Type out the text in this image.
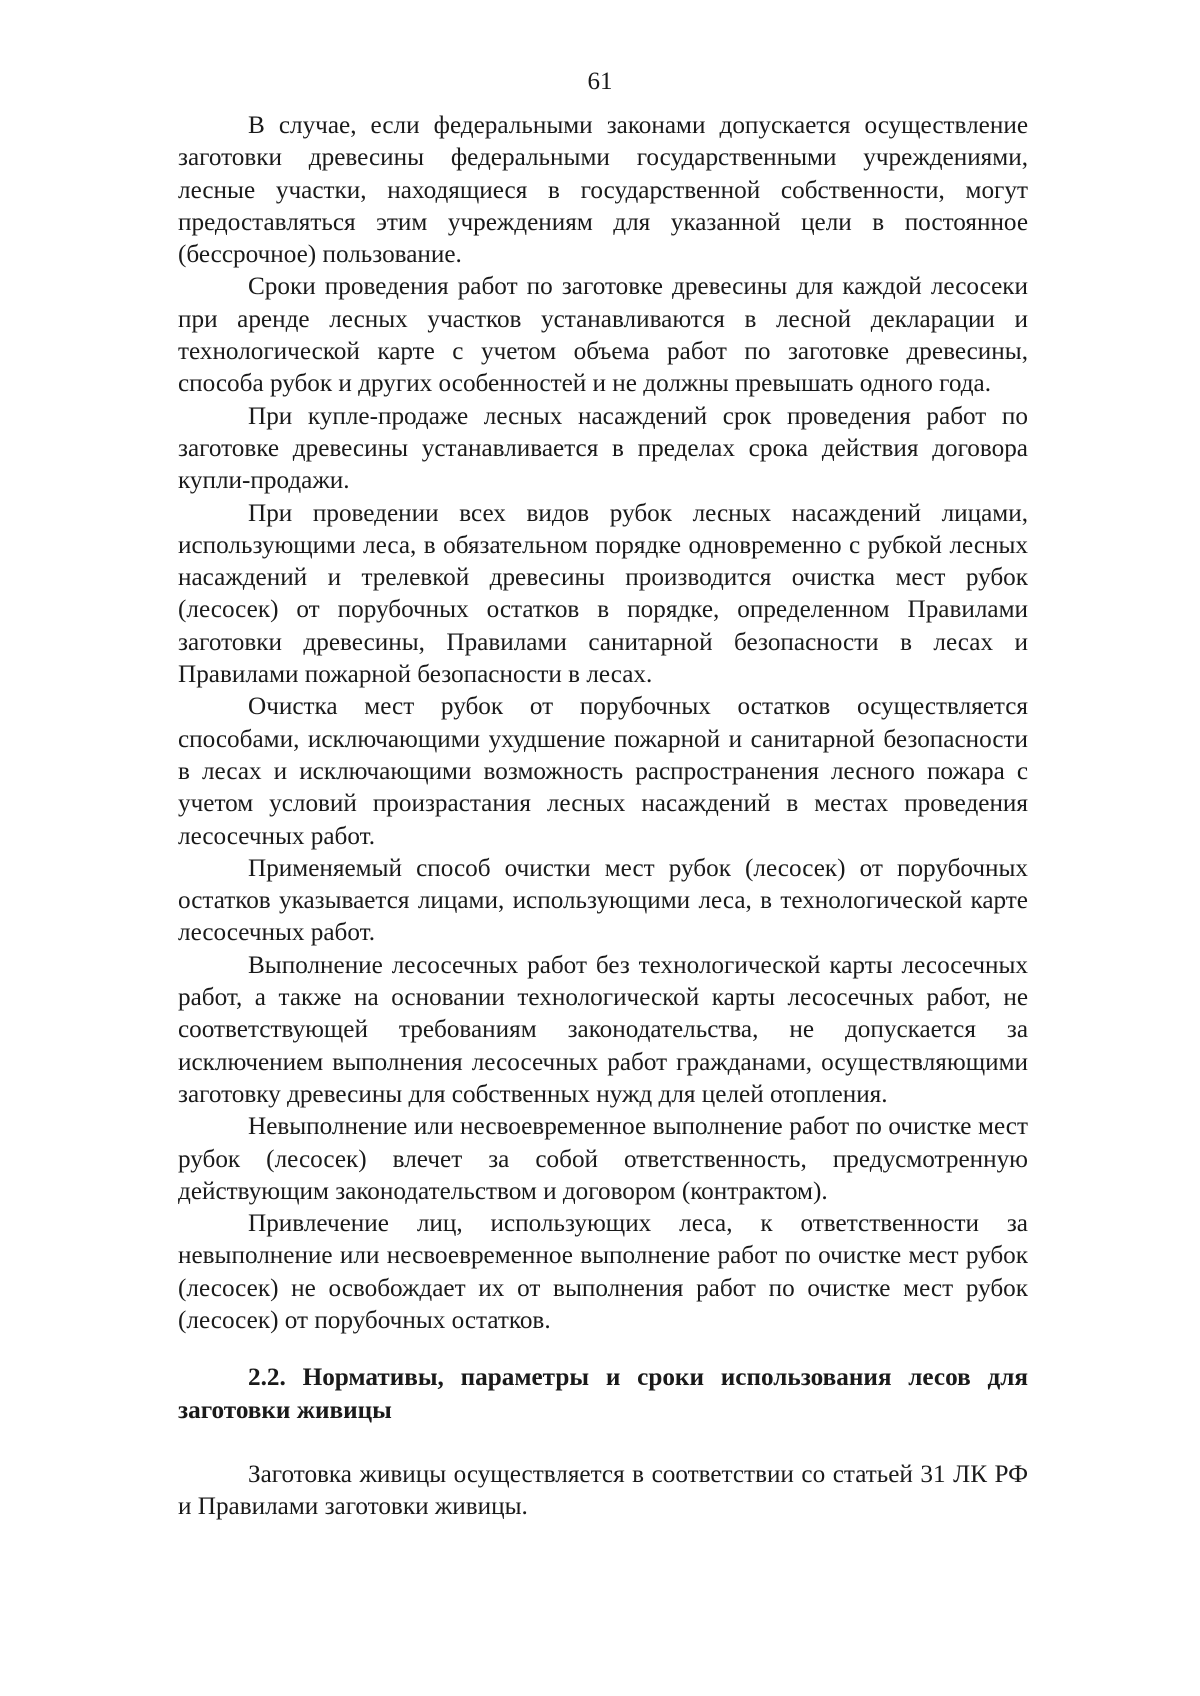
61

В случае, если федеральными законами допускается осуществление заготовки древесины федеральными государственными учреждениями, лесные участки, находящиеся в государственной собственности, могут предоставляться этим учреждениям для указанной цели в постоянное (бессрочное) пользование.

Сроки проведения работ по заготовке древесины для каждой лесосеки при аренде лесных участков устанавливаются в лесной декларации и технологической карте с учетом объема работ по заготовке древесины, способа рубок и других особенностей и не должны превышать одного года.

При купле-продаже лесных насаждений срок проведения работ по заготовке древесины устанавливается в пределах срока действия договора купли-продажи.

При проведении всех видов рубок лесных насаждений лицами, использующими леса, в обязательном порядке одновременно с рубкой лесных насаждений и трелевкой древесины производится очистка мест рубок (лесосек) от порубочных остатков в порядке, определенном Правилами заготовки древесины, Правилами санитарной безопасности в лесах и Правилами пожарной безопасности в лесах.

Очистка мест рубок от порубочных остатков осуществляется способами, исключающими ухудшение пожарной и санитарной безопасности в лесах и исключающими возможность распространения лесного пожара с учетом условий произрастания лесных насаждений в местах проведения лесосечных работ.

Применяемый способ очистки мест рубок (лесосек) от порубочных остатков указывается лицами, использующими леса, в технологической карте лесосечных работ.

Выполнение лесосечных работ без технологической карты лесосечных работ, а также на основании технологической карты лесосечных работ, не соответствующей требованиям законодательства, не допускается за исключением выполнения лесосечных работ гражданами, осуществляющими заготовку древесины для собственных нужд для целей отопления.

Невыполнение или несвоевременное выполнение работ по очистке мест рубок (лесосек) влечет за собой ответственность, предусмотренную действующим законодательством и договором (контрактом).

Привлечение лиц, использующих леса, к ответственности за невыполнение или несвоевременное выполнение работ по очистке мест рубок (лесосек) не освобождает их от выполнения работ по очистке мест рубок (лесосек) от порубочных остатков.

2.2. Нормативы, параметры и сроки использования лесов для заготовки живицы

Заготовка живицы осуществляется в соответствии со статьей 31 ЛК РФ и Правилами заготовки живицы.
